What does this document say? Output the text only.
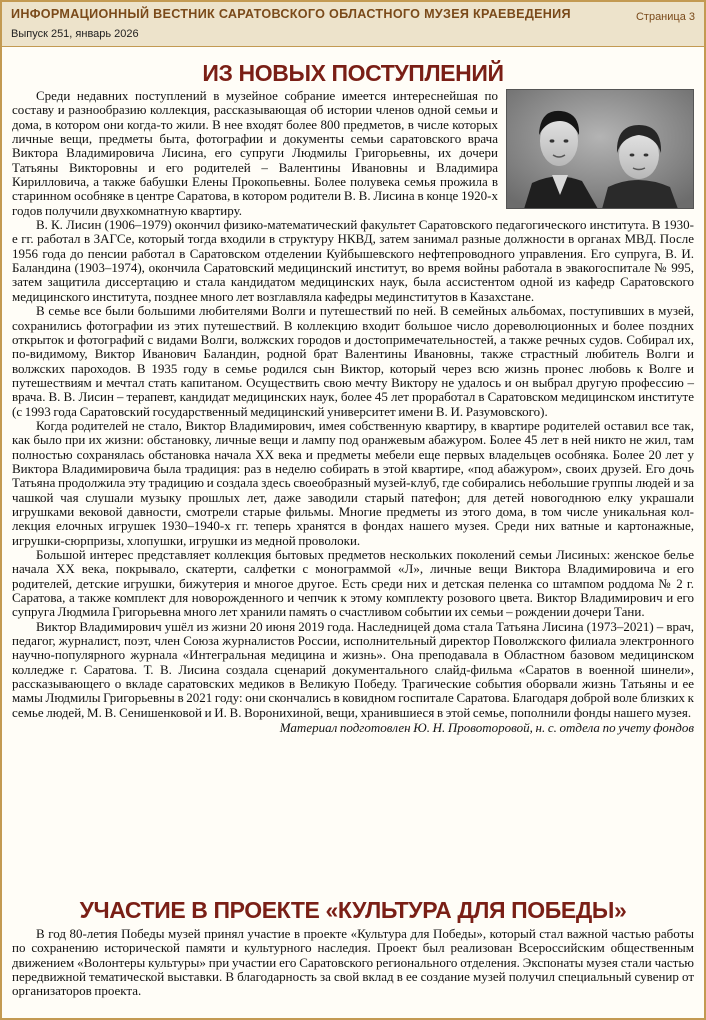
ИНФОРМАЦИОННЫЙ ВЕСТНИК САРАТОВСКОГО ОБЛАСТНОГО МУЗЕЯ КРАЕВЕДЕНИЯ
Выпуск 251, январь 2026
Страница 3
ИЗ НОВЫХ ПОСТУПЛЕНИЙ

Среди недавних поступлений в музейное собрание имеется интереснейшая по составу и разнообразию коллекция, рассказывающая об истории членов одной семьи и дома, в котором они когда-то жили. В нее входят более 800 предметов, в числе которых личные вещи, предметы быта, фотографии и документы семьи саратовского врача Виктора Владимировича Лисина, его супруги Людмилы Григорьевны, их дочери Татьяны Викторовны и его родителей – Валентины Ивановны и Владимира Кирилловича, а также бабушки Елены Прокопьевны. Более полувека семья прожила в старинном особняке в центре Саратова, в котором родители В. В. Лисина в конце 1920-х годов получили двухкомнатную квартиру.

В. К. Лисин (1906–1979) окончил физико-математический факультет Саратовского педагогического института. В 1930-е гг. работал в ЗАГСе, который тогда входили в структуру НКВД, затем занимал разные должности в органах МВД. После 1956 года до пенсии работал в Саратовском отделении Куйбышевского нефтепроводного управления. Его супруга, В. И. Баландина (1903–1974), окончила Саратовский медицинский институт, во время войны работала в эвакогоспитале № 995, затем защитила диссертацию и стала кандидатом медицинских наук, была ассистентом одной из кафедр Саратовского медицинского института, позднее много лет возглавляла кафедры мединститутов в Казахстане.

В семье все были большими любителями Волги и путешествий по ней. В семейных альбомах, поступивших в музей, сохранились фотографии из этих путешествий. В коллекцию входит большое число дореволюционных и более поздних открыток и фотографий с видами Волги, волжских городов и достопримечательностей, а также речных судов. Собирал их, по-видимому, Виктор Иванович Баландин, родной брат Валентины Ивановны, также страстный любитель Волги и волжских пароходов. В 1935 году в семье родился сын Виктор, который через всю жизнь пронес любовь к Волге и путешествиям и мечтал стать капитаном. Осуществить свою мечту Виктору не удалось и он выбрал другую профессию – врача. В. В. Лисин – терапевт, кандидат медицинских наук, более 45 лет проработал в Саратовском медицинском институте (с 1993 года Саратовский государственный медицинский университет имени В. И. Разумовского).

Когда родителей не стало, Виктор Владимирович, имея собственную квартиру, в квартире родителей оставил все так, как было при их жизни: обстановку, личные вещи и лампу под оранжевым абажуром. Более 45 лет в ней никто не жил, там полностью сохранялась обстановка начала XX века и предметы мебели еще первых владельцев особняка. Более 20 лет у Виктора Владимировича была традиция: раз в неделю собирать в этой квартире, «под абажуром», своих друзей. Его дочь Татьяна продолжила эту традицию и создала здесь своеобразный музей-клуб, где собирались небольшие группы людей и за чашкой чая слушали музыку прошлых лет, даже заводили старый патефон; для детей новогоднюю елку украшали игрушками вековой давности, смотрели старые фильмы. Многие предметы из этого дома, в том числе уникальная коллекция елочных игрушек 1930–1940-х гг. теперь хранятся в фондах нашего музея. Среди них ватные и картонажные, игрушки-сюрпризы, хлопушки, игрушки из медной проволоки.

Большой интерес представляет коллекция бытовых предметов нескольких поколений семьи Лисиных: женское белье начала XX века, покрывало, скатерти, салфетки с монограммой «Л», личные вещи Виктора Владимировича и его родителей, детские игрушки, бижутерия и многое другое. Есть среди них и детская пеленка со штампом роддома № 2 г. Саратова, а также комплект для новорожденного и чепчик к этому комплекту розового цвета. Виктор Владимирович и его супруга Людмила Григорьевна много лет хранили память о счастливом событии их семьи – рождении дочери Тани.

Виктор Владимирович ушёл из жизни 20 июня 2019 года. Наследницей дома стала Татьяна Лисина (1973–2021) – врач, педагог, журналист, поэт, член Союза журналистов России, исполнительный директор Поволжского филиала электронного научно-популярного журнала «Интегральная медицина и жизнь». Она преподавала в Областном базовом медицинском колледже г. Саратова. Т. В. Лисина создала сценарий документального слайд-фильма «Саратов в военной шинели», рассказывающего о вкладе саратовских медиков в Великую Победу. Трагические события оборвали жизнь Татьяны и ее мамы Людмилы Григорьевны в 2021 году: они скончались в ковидном госпитале Саратова. Благодаря доброй воле близких к семье людей, М. В. Сенишенковой и И. В. Воронихиной, вещи, хранившиеся в этой семье, пополнили фонды нашего музея.

Материал подготовлен Ю. Н. Провоторовой, н. с. отдела по учету фондов

УЧАСТИЕ В ПРОЕКТЕ «КУЛЬТУРА ДЛЯ ПОБЕДЫ»

В год 80-летия Победы музей принял участие в проекте «Культура для Победы», который стал важной частью работы по сохранению исторической памяти и культурного наследия. Проект был реализован Всероссийским общественным движением «Волонтеры культуры» при участии его Саратовского регионального отделения. Экспонаты музея стали частью передвижной тематической выставки. В благодарность за свой вклад в ее создание музей получил специальный сувенир от организаторов проекта.
